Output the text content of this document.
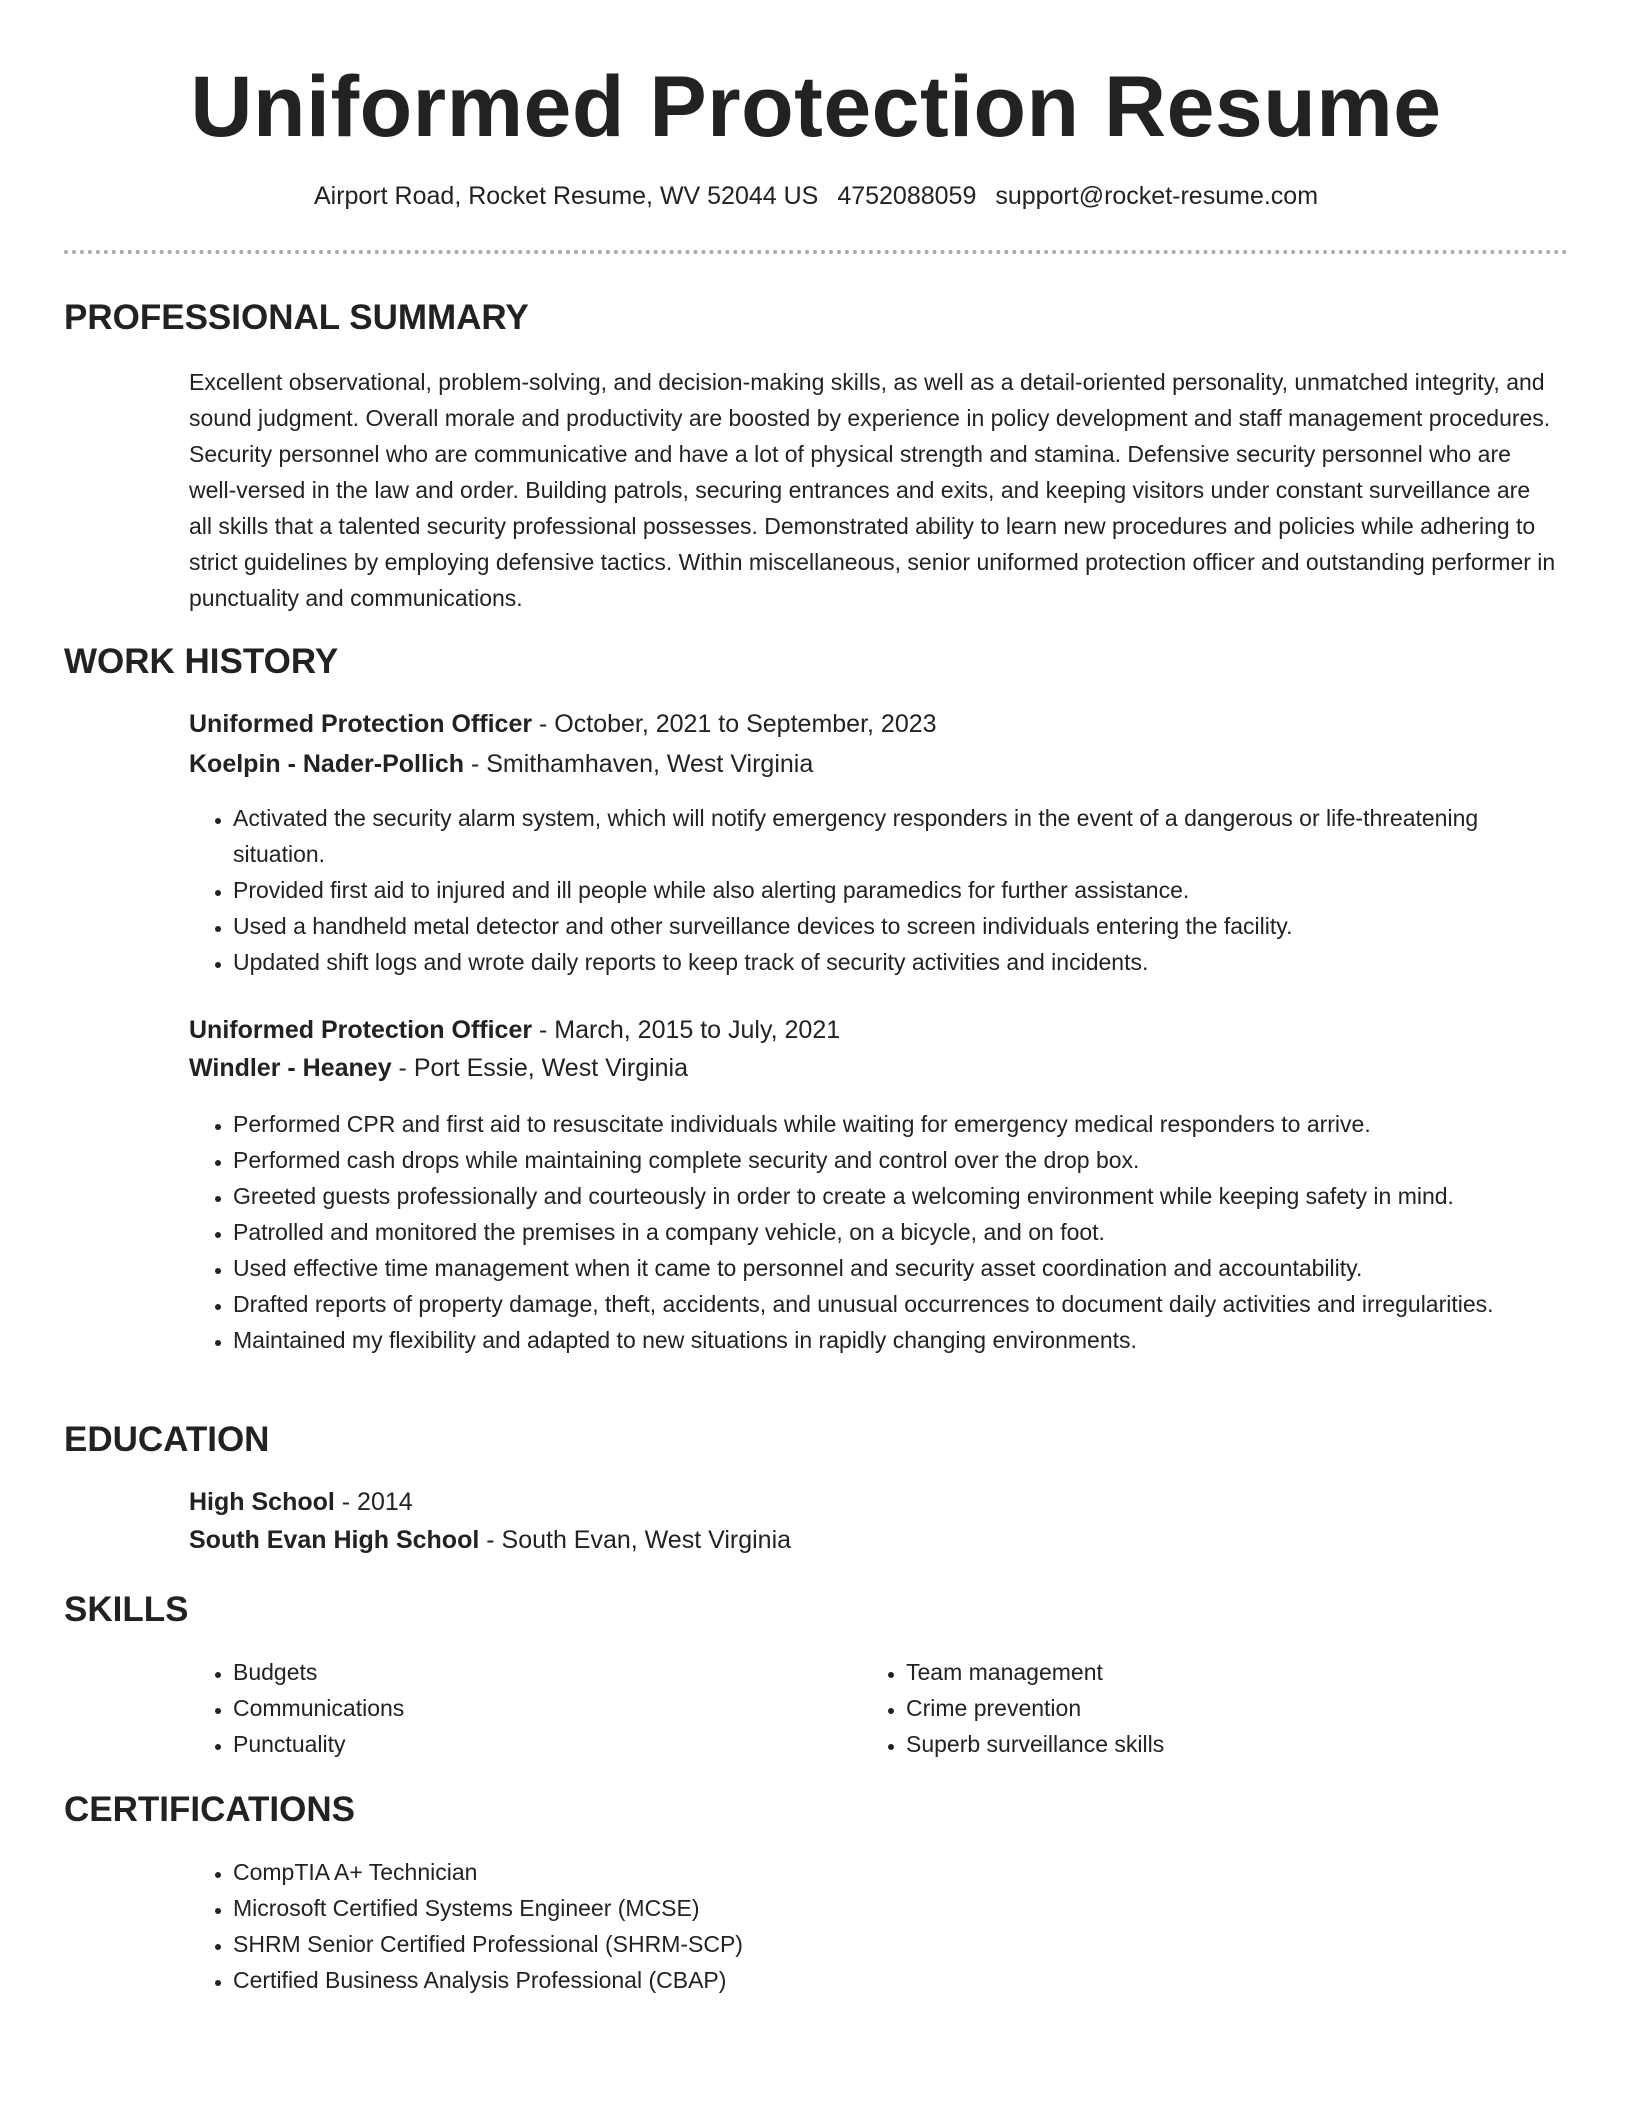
Uniformed Protection Resume
Airport Road, Rocket Resume, WV 52044 US 4752088059 support@rocket-resume.com
PROFESSIONAL SUMMARY

Excellent observational, problem-solving, and decision-making skills, as well as a detail-oriented personality, unmatched integrity, and sound judgment. Overall morale and productivity are boosted by experience in policy development and staff management procedures. Security personnel who are communicative and have a lot of physical strength and stamina. Defensive security personnel who are well-versed in the law and order. Building patrols, securing entrances and exits, and keeping visitors under constant surveillance are all skills that a talented security professional possesses. Demonstrated ability to learn new procedures and policies while adhering to strict guidelines by employing defensive tactics. Within miscellaneous, senior uniformed protection officer and outstanding performer in punctuality and communications.

WORK HISTORY
Uniformed Protection Officer - October, 2021 to September, 2023
Koelpin - Nader-Pollich - Smithamhaven, West Virginia
• Activated the security alarm system, which will notify emergency responders in the event of a dangerous or life-threatening situation.
• Provided first aid to injured and ill people while also alerting paramedics for further assistance.
• Used a handheld metal detector and other surveillance devices to screen individuals entering the facility.
• Updated shift logs and wrote daily reports to keep track of security activities and incidents.
Uniformed Protection Officer - March, 2015 to July, 2021
Windler - Heaney - Port Essie, West Virginia
• Performed CPR and first aid to resuscitate individuals while waiting for emergency medical responders to arrive.
• Performed cash drops while maintaining complete security and control over the drop box.
• Greeted guests professionally and courteously in order to create a welcoming environment while keeping safety in mind.
• Patrolled and monitored the premises in a company vehicle, on a bicycle, and on foot.
• Used effective time management when it came to personnel and security asset coordination and accountability.
• Drafted reports of property damage, theft, accidents, and unusual occurrences to document daily activities and irregularities.
• Maintained my flexibility and adapted to new situations in rapidly changing environments.
EDUCATION
High School - 2014
South Evan High School - South Evan, West Virginia
SKILLS
• Budgets
• Communications
• Punctuality
• Team management
• Crime prevention
• Superb surveillance skills
CERTIFICATIONS
• CompTIA A+ Technician
• Microsoft Certified Systems Engineer (MCSE)
• SHRM Senior Certified Professional (SHRM-SCP)
• Certified Business Analysis Professional (CBAP)
